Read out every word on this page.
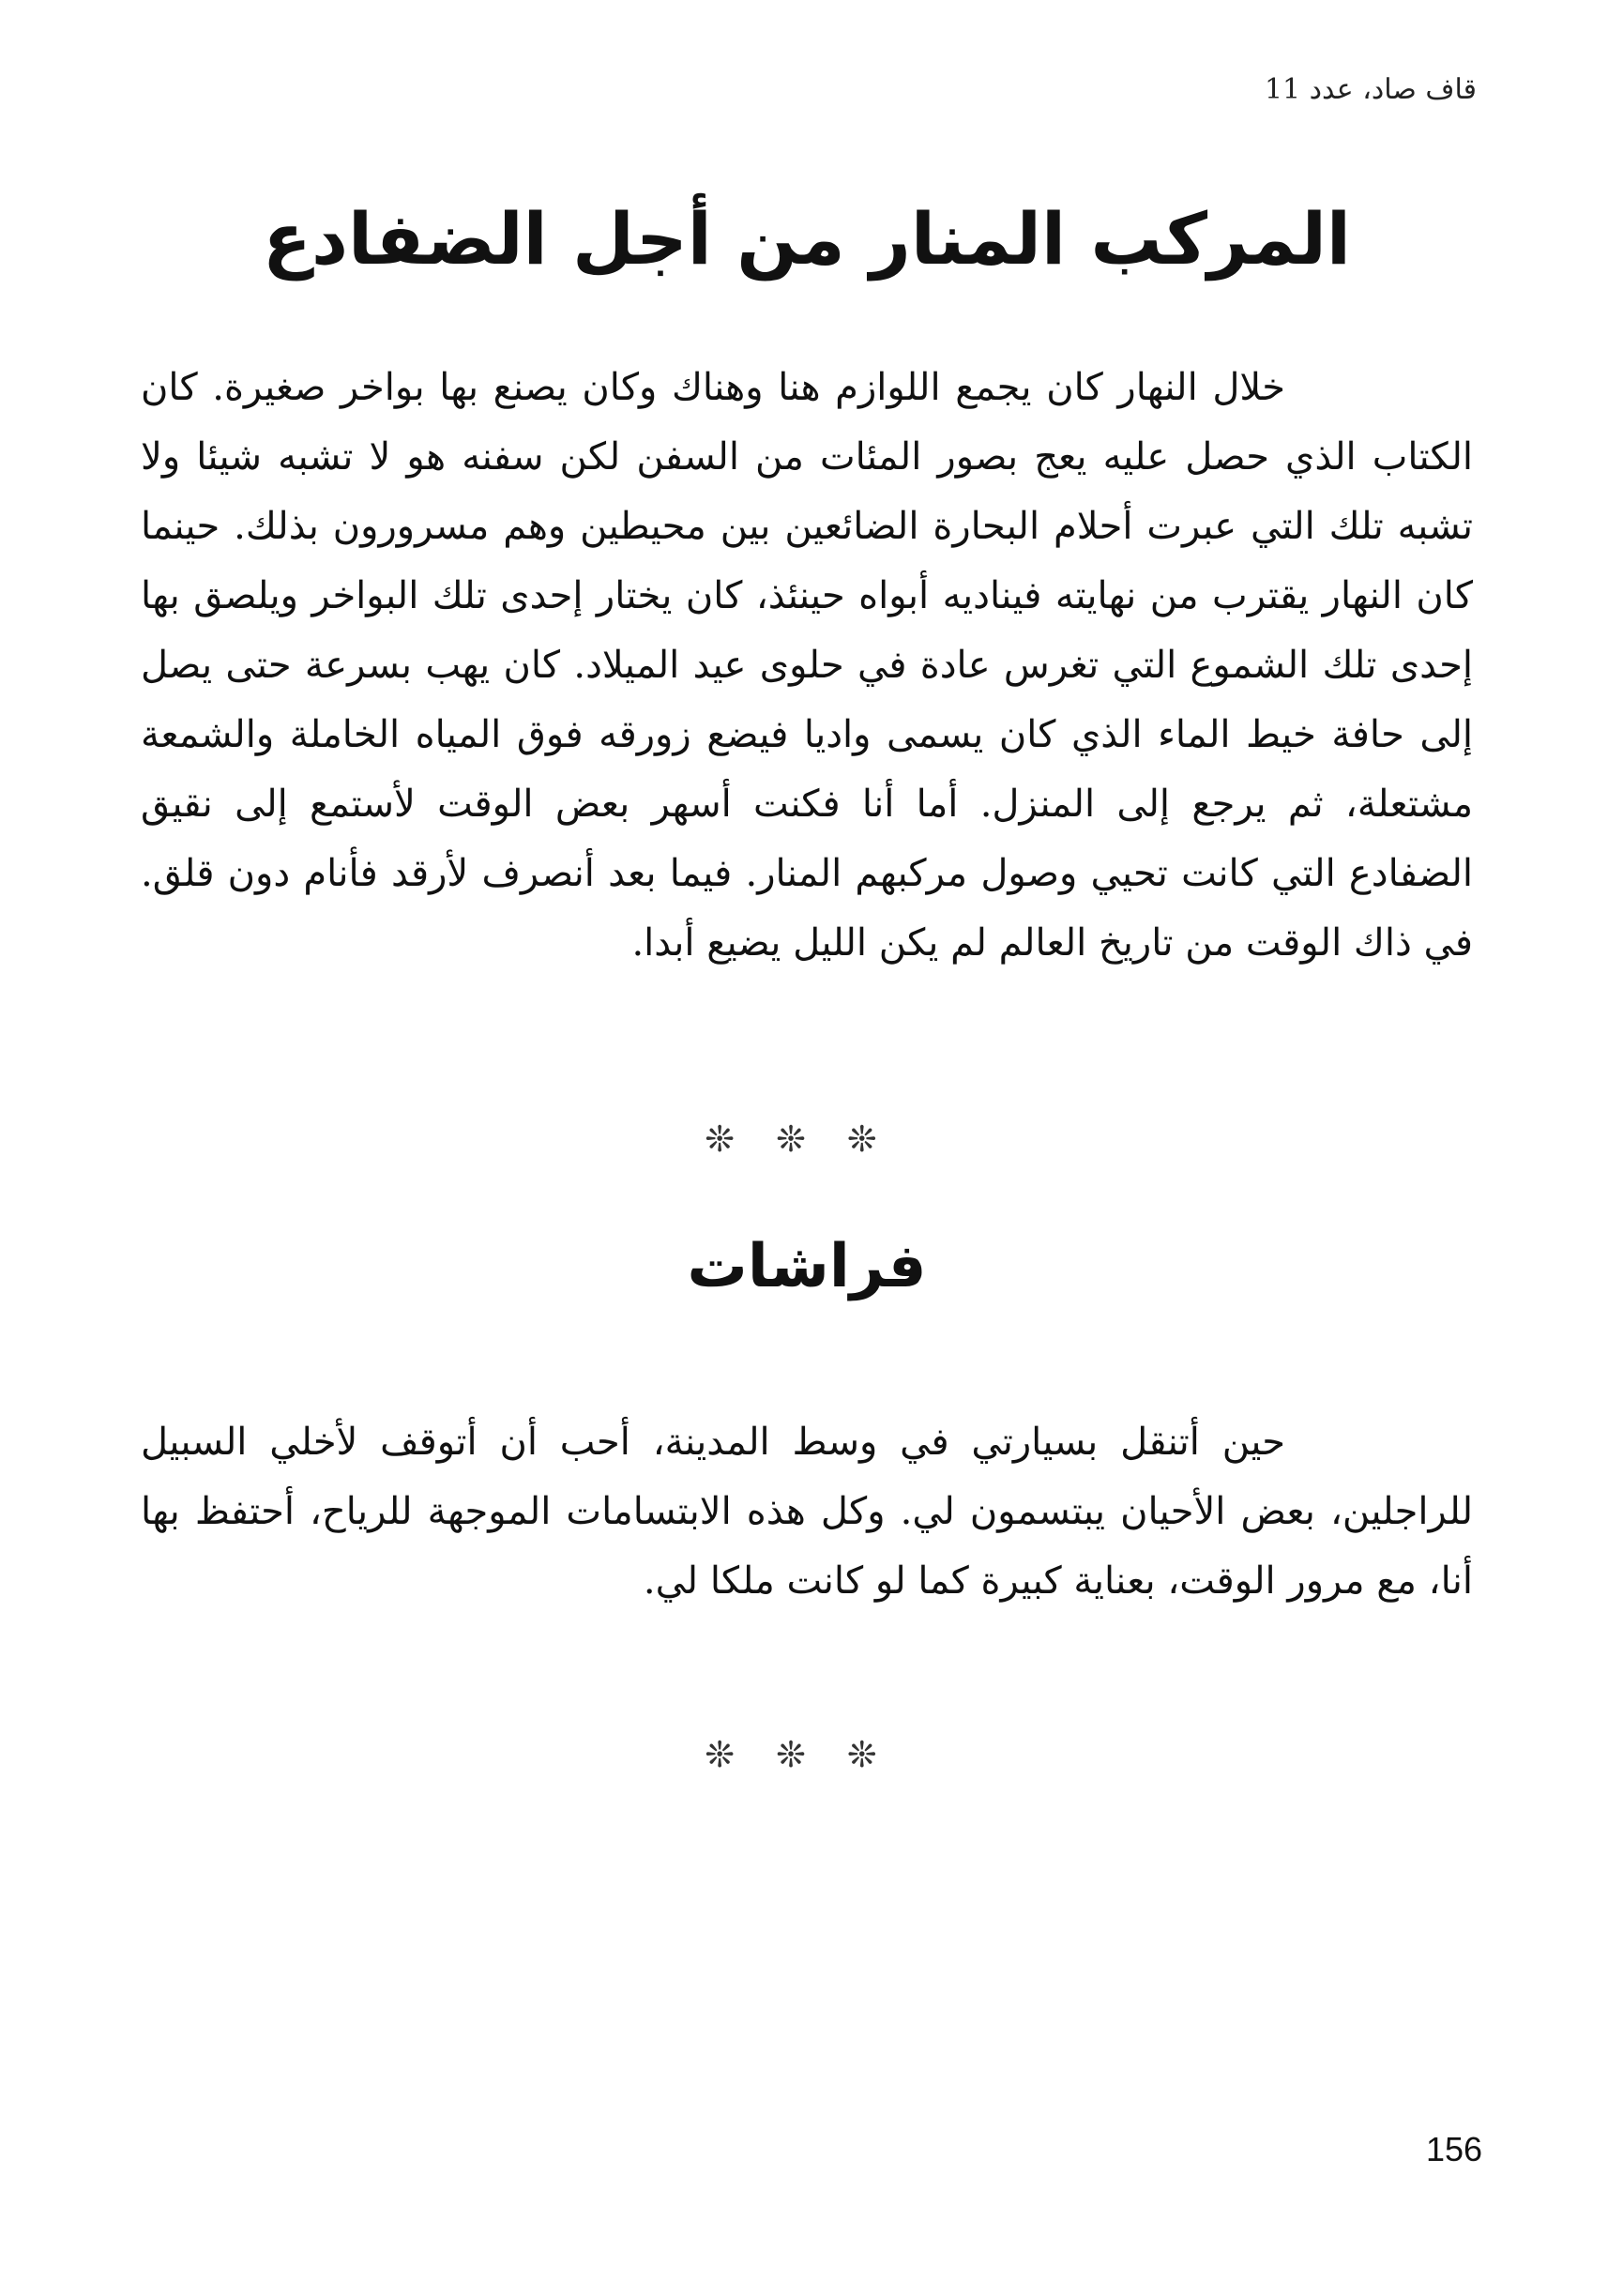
قاف صاد، عدد 11
المركب المنار من أجل الضفادع

خلال النهار كان يجمع اللوازم هنا وهناك وكان يصنع بها بواخر صغيرة. كان الكتاب الذي حصل عليه يعج بصور المئات من السفن لكن سفنه هو لا تشبه شيئا ولا تشبه تلك التي عبرت أحلام البحارة الضائعين بين محيطين وهم مسرورون بذلك. حينما كان النهار يقترب من نهايته فيناديه أبواه حينئذ، كان يختار إحدى تلك البواخر ويلصق بها إحدى تلك الشموع التي تغرس عادة في حلوى عيد الميلاد. كان يهب بسرعة حتى يصل إلى حافة خيط الماء الذي كان يسمى واديا فيضع زورقه فوق المياه الخاملة والشمعة مشتعلة، ثم يرجع إلى المنزل. أما أنا فكنت أسهر بعض الوقت لأستمع إلى نقيق الضفادع التي كانت تحيي وصول مركبهم المنار. فيما بعد أنصرف لأرقد فأنام دون قلق. في ذاك الوقت من تاريخ العالم لم يكن الليل يضيع أبدا.

❊❊❊
فراشات

حين أتنقل بسيارتي في وسط المدينة، أحب أن أتوقف لأخلي السبيل للراجلين، بعض الأحيان يبتسمون لي. وكل هذه الابتسامات الموجهة للرياح، أحتفظ بها أنا، مع مرور الوقت، بعناية كبيرة كما لو كانت ملكا لي.

❊❊❊
156
